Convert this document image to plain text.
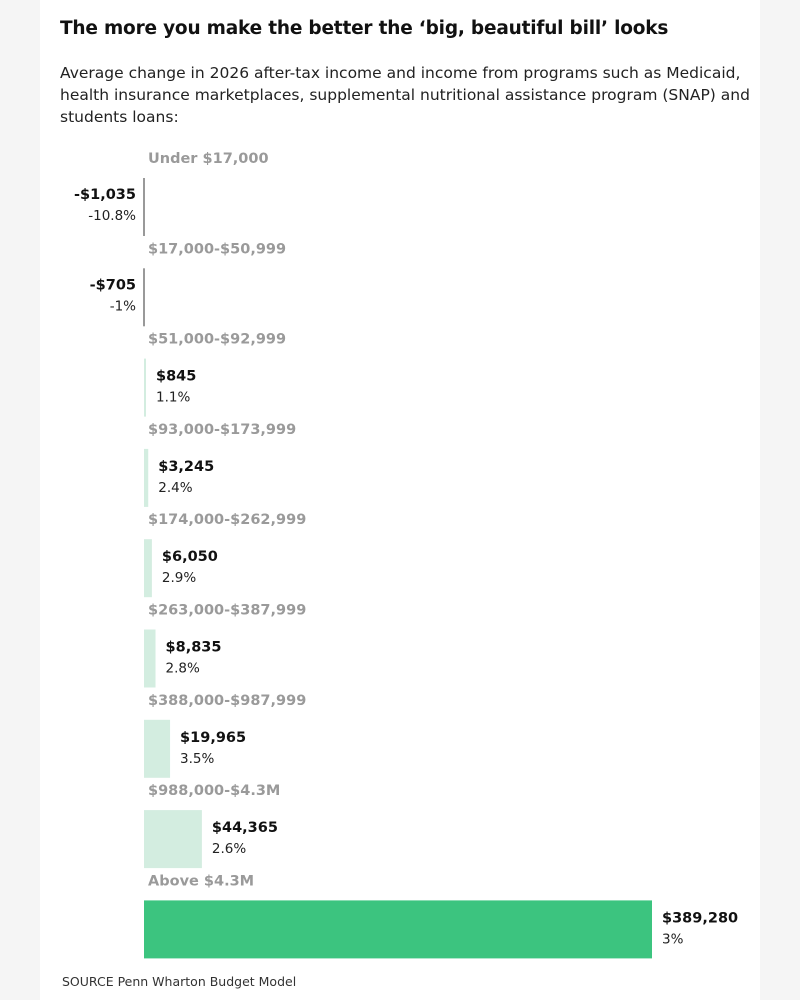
The more you make the better the ‘big, beautiful bill’ looks
Average change in 2026 after-tax income and income from programs such as Medicaid, health insurance marketplaces, supplemental nutritional assistance program (SNAP) and students loans:
Under $17,000
-$1,035
-10.8%
$17,000-$50,999
-$705
-1%
$51,000-$92,999
$845
1.1%
$93,000-$173,999
$3,245
2.4%
$174,000-$262,999
$6,050
2.9%
$263,000-$387,999
$8,835
2.8%
$388,000-$987,999
$19,965
3.5%
$988,000-$4.3M
$44,365
2.6%
Above $4.3M
$389,280
3%
SOURCE Penn Wharton Budget Model
